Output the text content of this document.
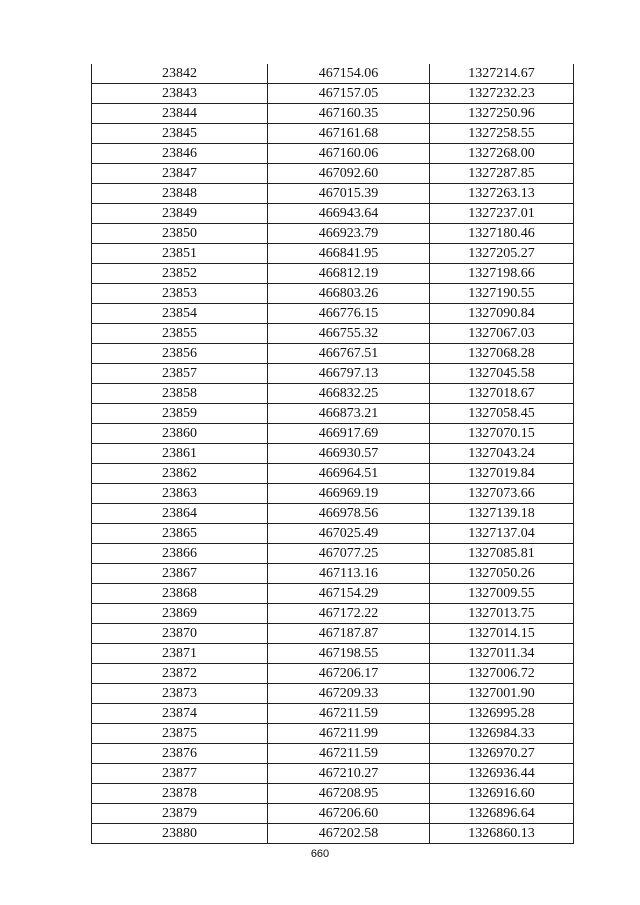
23842	467154.06	1327214.67
23843	467157.05	1327232.23
23844	467160.35	1327250.96
23845	467161.68	1327258.55
23846	467160.06	1327268.00
23847	467092.60	1327287.85
23848	467015.39	1327263.13
23849	466943.64	1327237.01
23850	466923.79	1327180.46
23851	466841.95	1327205.27
23852	466812.19	1327198.66
23853	466803.26	1327190.55
23854	466776.15	1327090.84
23855	466755.32	1327067.03
23856	466767.51	1327068.28
23857	466797.13	1327045.58
23858	466832.25	1327018.67
23859	466873.21	1327058.45
23860	466917.69	1327070.15
23861	466930.57	1327043.24
23862	466964.51	1327019.84
23863	466969.19	1327073.66
23864	466978.56	1327139.18
23865	467025.49	1327137.04
23866	467077.25	1327085.81
23867	467113.16	1327050.26
23868	467154.29	1327009.55
23869	467172.22	1327013.75
23870	467187.87	1327014.15
23871	467198.55	1327011.34
23872	467206.17	1327006.72
23873	467209.33	1327001.90
23874	467211.59	1326995.28
23875	467211.99	1326984.33
23876	467211.59	1326970.27
23877	467210.27	1326936.44
23878	467208.95	1326916.60
23879	467206.60	1326896.64
23880	467202.58	1326860.13
660
